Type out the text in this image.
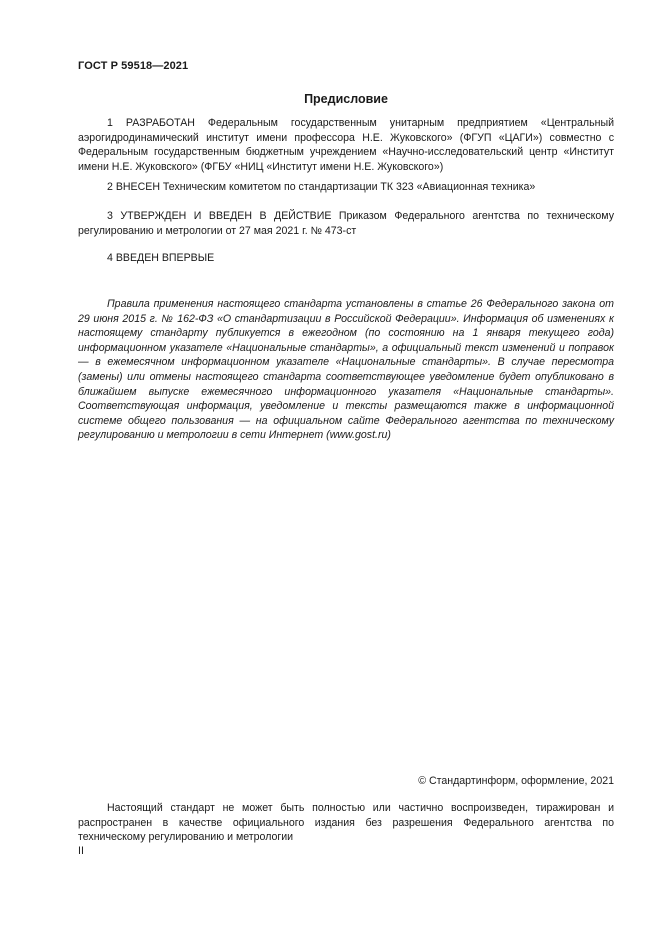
ГОСТ Р 59518—2021
Предисловие

1 РАЗРАБОТАН Федеральным государственным унитарным предприятием «Центральный аэрогидродинамический институт имени профессора Н.Е. Жуковского» (ФГУП «ЦАГИ») совместно с Федеральным государственным бюджетным учреждением «Научно-исследовательский центр «Институт имени Н.Е. Жуковского» (ФГБУ «НИЦ «Институт имени Н.Е. Жуковского»)

2 ВНЕСЕН Техническим комитетом по стандартизации ТК 323 «Авиационная техника»

3 УТВЕРЖДЕН И ВВЕДЕН В ДЕЙСТВИЕ Приказом Федерального агентства по техническому регулированию и метрологии от 27 мая 2021 г. № 473-ст

4 ВВЕДЕН ВПЕРВЫЕ

Правила применения настоящего стандарта установлены в статье 26 Федерального закона от 29 июня 2015 г. № 162-ФЗ «О стандартизации в Российской Федерации». Информация об изменениях к настоящему стандарту публикуется в ежегодном (по состоянию на 1 января текущего года) информационном указателе «Национальные стандарты», а официальный текст изменений и поправок — в ежемесячном информационном указателе «Национальные стандарты». В случае пересмотра (замены) или отмены настоящего стандарта соответствующее уведомление будет опубликовано в ближайшем выпуске ежемесячного информационного указателя «Национальные стандарты». Соответствующая информация, уведомление и тексты размещаются также в информационной системе общего пользования — на официальном сайте Федерального агентства по техническому регулированию и метрологии в сети Интернет (www.gost.ru)

© Стандартинформ, оформление, 2021

Настоящий стандарт не может быть полностью или частично воспроизведен, тиражирован и распространен в качестве официального издания без разрешения Федерального агентства по техническому регулированию и метрологии

II
